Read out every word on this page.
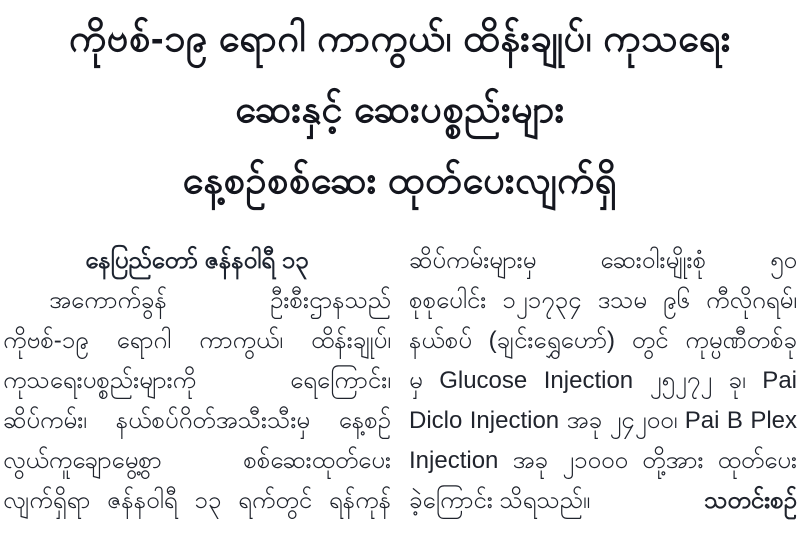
ကိုဗစ်-၁၉ ရောဂါ ကာကွယ်၊ ထိန်းချုပ်၊ ကုသရေး
ဆေးနှင့် ဆေးပစ္စည်းများ
နေ့စဉ်စစ်ဆေး ထုတ်ပေးလျက်ရှိ
နေပြည်တော် ဇန်နဝါရီ ၁၃
အကောက်ခွန် ဦးစီးဌာနသည်
ကိုဗစ်-၁၉ ရောဂါ ကာကွယ်၊ ထိန်းချုပ်၊
ကုသရေးပစ္စည်းများကို ရေကြောင်း၊
ဆိပ်ကမ်း၊ နယ်စပ်ဂိတ်အသီးသီးမှ နေ့စဉ်
လွယ်ကူချောမွေ့စွာ စစ်ဆေးထုတ်ပေး
လျက်ရှိရာ ဇန်နဝါရီ ၁၃ ရက်တွင် ရန်ကုန်
ဆိပ်ကမ်းများမှ ဆေးဝါးမျိုးစုံ ၅၀
စုစုပေါင်း ၁၂၁၇၃၄ ဒသမ ၉၆ ကီလိုဂရမ်၊
နယ်စပ် (ချင်းရွှေဟော်) တွင် ကုမ္ပဏီတစ်ခု
မှ Glucose Injection ၂၅၂၇၂ ခု၊ Pai
Diclo Injection အခု ၂၄၂၀၀၊ Pai B Plex
Injection အခု ၂၁၀၀၀ တို့အား ထုတ်ပေး
ခဲ့ကြောင်း သိရသည်။	သတင်းစဉ်
